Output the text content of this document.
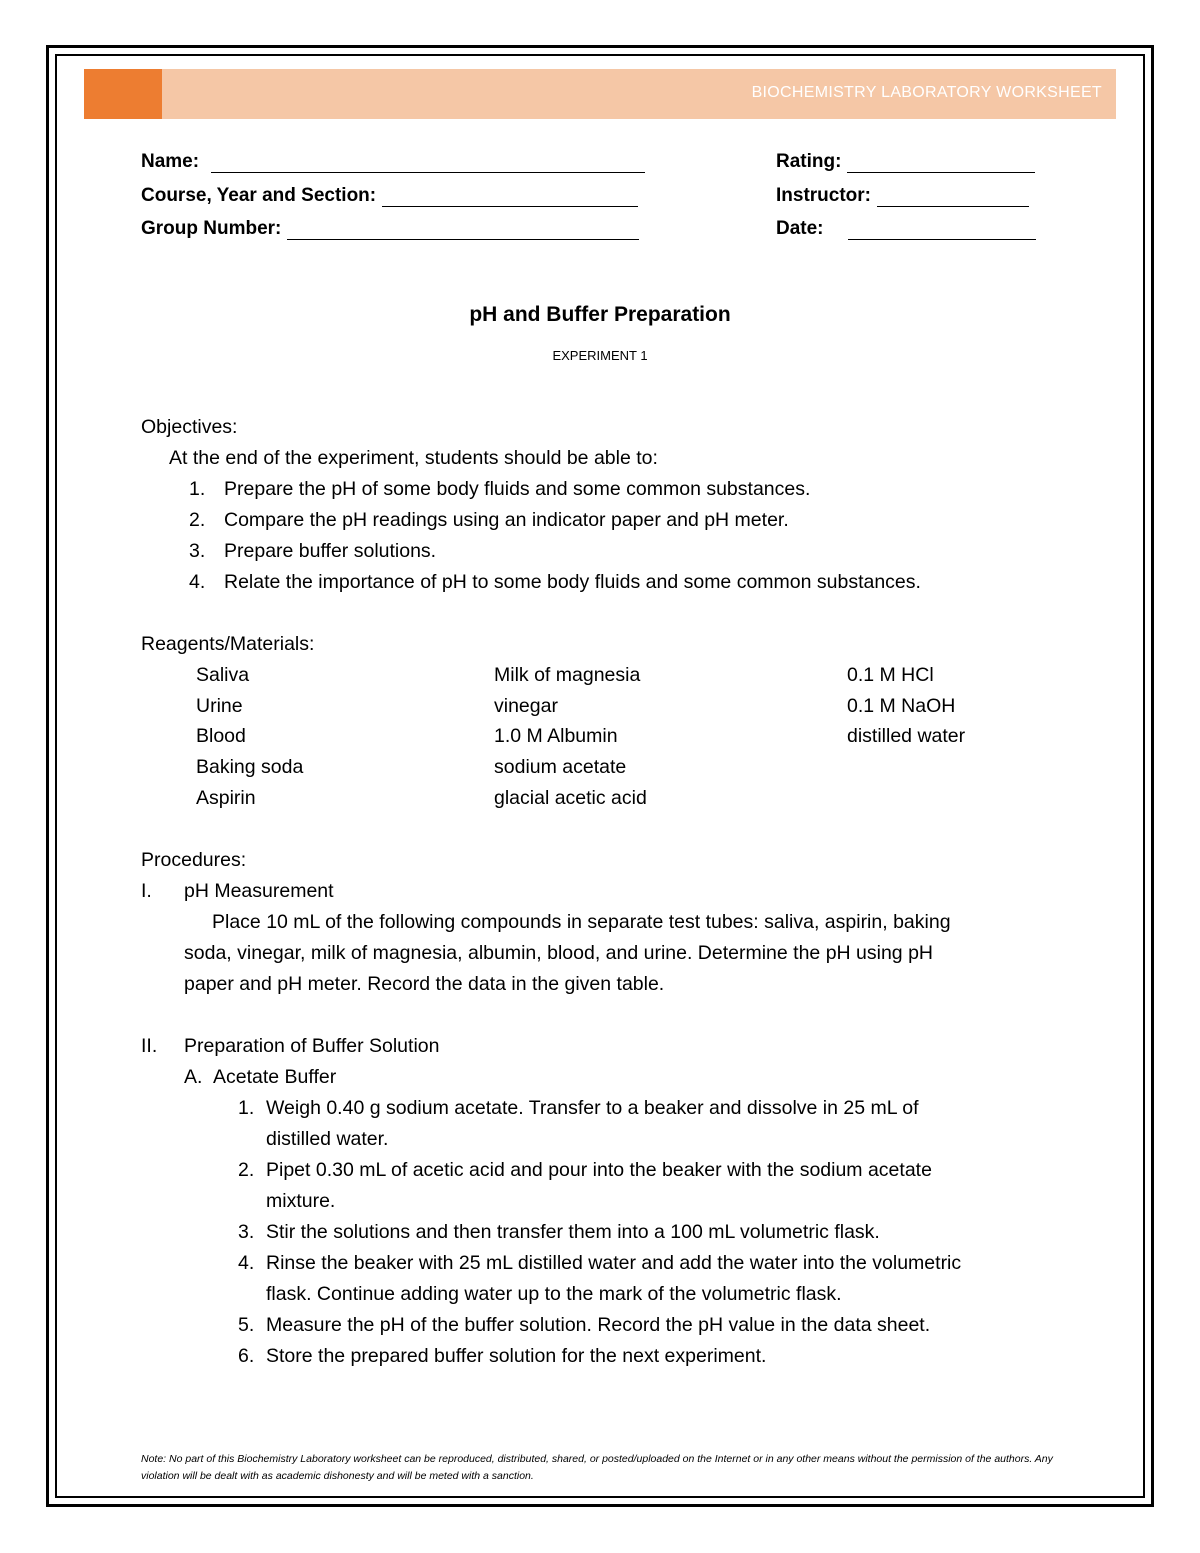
BIOCHEMISTRY LABORATORY WORKSHEET
Name:
Course, Year and Section:
Group Number:
Rating:
Instructor:
Date:
pH and Buffer Preparation
EXPERIMENT 1
Objectives:
At the end of the experiment, students should be able to:
1. Prepare the pH of some body fluids and some common substances.
2. Compare the pH readings using an indicator paper and pH meter.
3. Prepare buffer solutions.
4. Relate the importance of pH to some body fluids and some common substances.
Reagents/Materials:
Saliva
Urine
Blood
Baking soda
Aspirin
Milk of magnesia
vinegar
1.0 M Albumin
sodium acetate
glacial acetic acid
0.1 M HCl
0.1 M NaOH
distilled water
Procedures:
I. pH Measurement
Place 10 mL of the following compounds in separate test tubes: saliva, aspirin, baking
soda, vinegar, milk of magnesia, albumin, blood, and urine. Determine the pH using pH
paper and pH meter. Record the data in the given table.
II. Preparation of Buffer Solution
A. Acetate Buffer
1. Weigh 0.40 g sodium acetate. Transfer to a beaker and dissolve in 25 mL of
distilled water.
2. Pipet 0.30 mL of acetic acid and pour into the beaker with the sodium acetate
mixture.
3. Stir the solutions and then transfer them into a 100 mL volumetric flask.
4. Rinse the beaker with 25 mL distilled water and add the water into the volumetric
flask. Continue adding water up to the mark of the volumetric flask.
5. Measure the pH of the buffer solution. Record the pH value in the data sheet.
6. Store the prepared buffer solution for the next experiment.
Note: No part of this Biochemistry Laboratory worksheet can be reproduced, distributed, shared, or posted/uploaded on the Internet or in any other means without the permission of the authors. Any violation will be dealt with as academic dishonesty and will be meted with a sanction.
